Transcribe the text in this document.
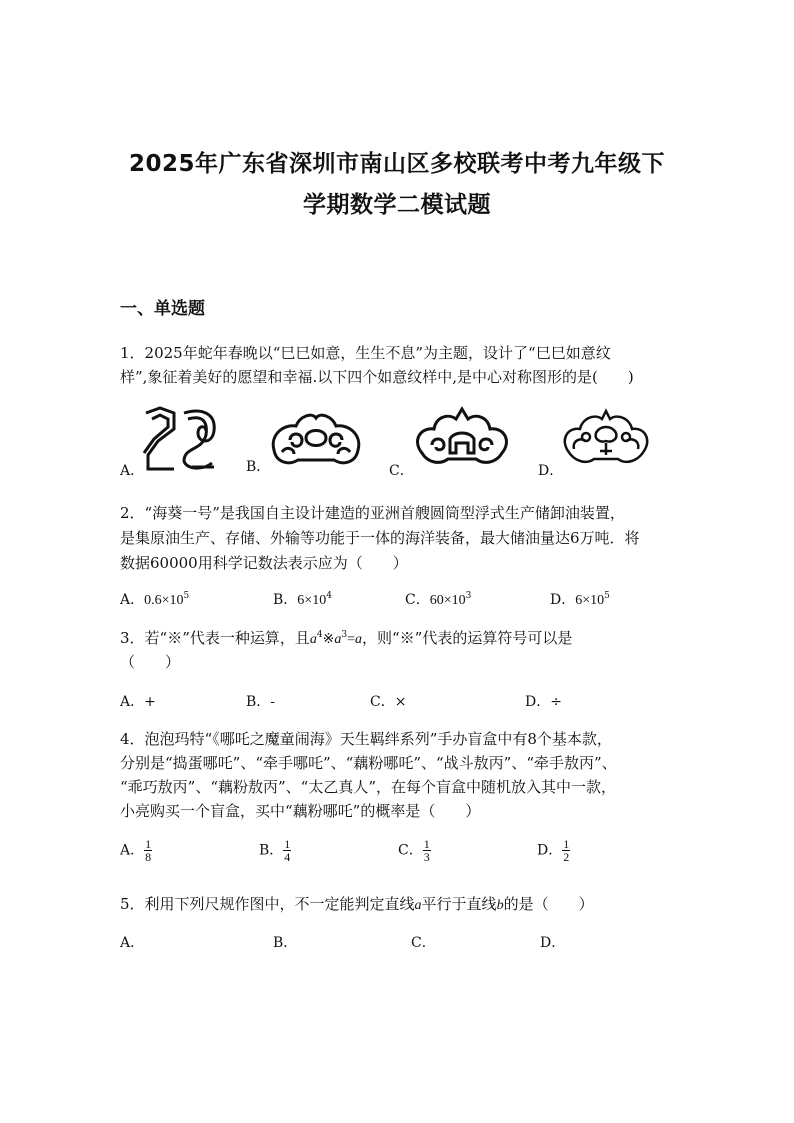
2025年广东省深圳市南山区多校联考中考九年级下
学期数学二模试题
一、单选题
1．2025年蛇年春晚以“巳巳如意，生生不息”为主题，设计了“巳巳如意纹
样”,象征着美好的愿望和幸福.以下四个如意纹样中,是中心对称图形的是(　　)
A．	B．	C．	D．
2．“海葵一号”是我国自主设计建造的亚洲首艘圆筒型浮式生产储卸油装置，
是集原油生产、存储、外输等功能于一体的海洋装备，最大储油量达6万吨．将
数据60000用科学记数法表示应为（　　）
A．$0.6\times 10^5$	B．$6\times 10^4$	C．$60\times 10^3$	D．$6\times 10^5$
3．若“※”代表一种运算，且$a^4※a^3=a$，则“※”代表的运算符号可以是
（　　）
A．+	B．-	C．×	D．÷
4．泡泡玛特“《哪吒之魔童闹海》天生羁绊系列”手办盲盒中有8个基本款，
分别是“捣蛋哪吒”、“牵手哪吒”、“藕粉哪吒”、“战斗敖丙”、“牵手敖丙”、
“乖巧敖丙”、“藕粉敖丙”、“太乙真人”，在每个盲盒中随机放入其中一款，
小亮购买一个盲盒，买中“藕粉哪吒”的概率是（　　）
A． $\frac{1}{8}$	B． $\frac{1}{4}$	C． $\frac{1}{3}$	D． $\frac{1}{2}$
5．利用下列尺规作图中，不一定能判定直线a平行于直线b的是（　　）
A．	B．	C．	D．
